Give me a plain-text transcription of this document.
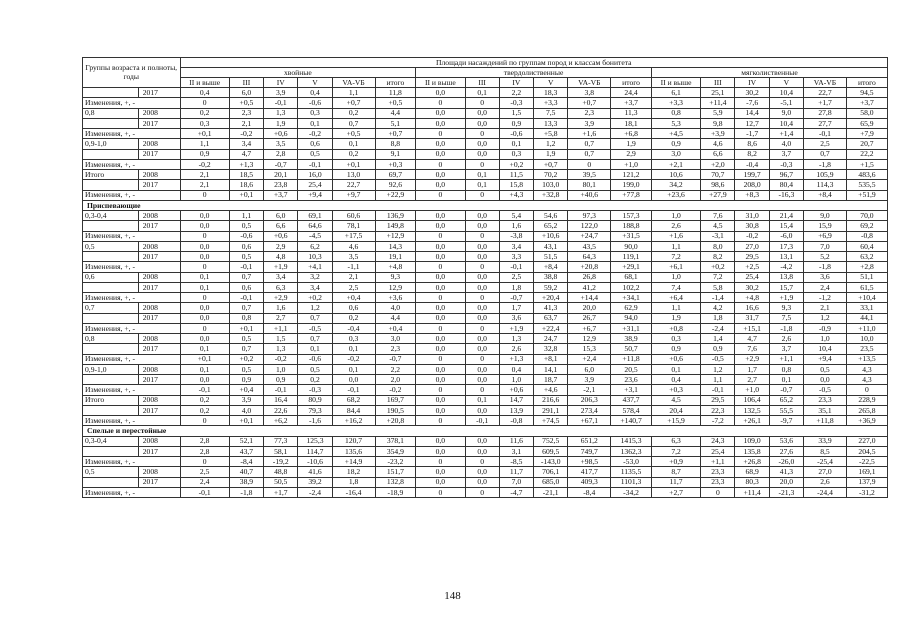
Группы возраста и полноты, годы		Площади насаждений по группам пород и классам бонитета																	
		хвойные						твердолиственные						мягколиственные					
		II и выше	III	IV	V	VA-VБ	итого	II и выше	III	IV	V	VA-VБ	итого	II и выше	III	IV	V	VA-VБ	итого
	2017	0,4	6,0	3,9	0,4	1,1	11,8	0,0	0,1	2,2	18,3	3,8	24,4	6,1	25,1	30,2	10,4	22,7	94,5
Изменения, +, -		0	+0,5	-0,1	-0,6	+0,7	+0,5	0	0	-0,3	+3,3	+0,7	+3,7	+3,3	+11,4	-7,6	-5,1	+1,7	+3,7
0,8	2008	0,2	2,3	1,3	0,3	0,2	4,4	0,0	0,0	1,5	7,5	2,3	11,3	0,8	5,9	14,4	9,0	27,8	58,0
	2017	0,3	2,1	1,9	0,1	0,7	5,1	0,0	0,0	0,9	13,3	3,9	18,1	5,3	9,8	12,7	10,4	27,7	65,9
Изменения, +, -		+0,1	-0,2	+0,6	-0,2	+0,5	+0,7	0	0	-0,6	+5,8	+1,6	+6,8	+4,5	+3,9	-1,7	+1,4	-0,1	+7,9
0,9-1,0	2008	1,1	3,4	3,5	0,6	0,1	8,8	0,0	0,0	0,1	1,2	0,7	1,9	0,9	4,6	8,6	4,0	2,5	20,7
	2017	0,9	4,7	2,8	0,5	0,2	9,1	0,0	0,0	0,3	1,9	0,7	2,9	3,0	6,6	8,2	3,7	0,7	22,2
Изменения, +, -		-0,2	+1,3	-0,7	-0,1	+0,1	+0,3	0	0	+0,2	+0,7	0	+1,0	+2,1	+2,0	-0,4	-0,3	-1,8	+1,5
Итого	2008	2,1	18,5	20,1	16,0	13,0	69,7	0,0	0,1	11,5	70,2	39,5	121,2	10,6	70,7	199,7	96,7	105,9	483,6
	2017	2,1	18,6	23,8	25,4	22,7	92,6	0,0	0,1	15,8	103,0	80,1	199,0	34,2	98,6	208,0	80,4	114,3	535,5
Изменения, +, -		0	+0,1	+3,7	+9,4	+9,7	+22,9	0	0	+4,3	+32,8	+40,6	+77,8	+23,6	+27,9	+8,3	-16,3	+8,4	+51,9
Приспевающие																			
0,3-0,4	2008	0,0	1,1	6,0	69,1	60,6	136,9	0,0	0,0	5,4	54,6	97,3	157,3	1,0	7,6	31,0	21,4	9,0	70,0
	2017	0,0	0,5	6,6	64,6	78,1	149,8	0,0	0,0	1,6	65,2	122,0	188,8	2,6	4,5	30,8	15,4	15,9	69,2
Изменения, +, -		0	-0,6	+0,6	-4,5	+17,5	+12,9	0	0	-3,8	+10,6	+24,7	+31,5	+1,6	-3,1	-0,2	-6,0	+6,9	-0,8
0,5	2008	0,0	0,6	2,9	6,2	4,6	14,3	0,0	0,0	3,4	43,1	43,5	90,0	1,1	8,0	27,0	17,3	7,0	60,4
	2017	0,0	0,5	4,8	10,3	3,5	19,1	0,0	0,0	3,3	51,5	64,3	119,1	7,2	8,2	29,5	13,1	5,2	63,2
Изменения, +, -		0	-0,1	+1,9	+4,1	-1,1	+4,8	0	0	-0,1	+8,4	+20,8	+29,1	+6,1	+0,2	+2,5	-4,2	-1,8	+2,8
0,6	2008	0,1	0,7	3,4	3,2	2,1	9,3	0,0	0,0	2,5	38,8	26,8	68,1	1,0	7,2	25,4	13,8	3,6	51,1
	2017	0,1	0,6	6,3	3,4	2,5	12,9	0,0	0,0	1,8	59,2	41,2	102,2	7,4	5,8	30,2	15,7	2,4	61,5
Изменения, +, -		0	-0,1	+2,9	+0,2	+0,4	+3,6	0	0	-0,7	+20,4	+14,4	+34,1	+6,4	-1,4	+4,8	+1,9	-1,2	+10,4
0,7	2008	0,0	0,7	1,6	1,2	0,6	4,0	0,0	0,0	1,7	41,3	20,0	62,9	1,1	4,2	16,6	9,3	2,1	33,1
	2017	0,0	0,8	2,7	0,7	0,2	4,4	0,0	0,0	3,6	63,7	26,7	94,0	1,9	1,8	31,7	7,5	1,2	44,1
Изменения, +, -		0	+0,1	+1,1	-0,5	-0,4	+0,4	0	0	+1,9	+22,4	+6,7	+31,1	+0,8	-2,4	+15,1	-1,8	-0,9	+11,0
0,8	2008	0,0	0,5	1,5	0,7	0,3	3,0	0,0	0,0	1,3	24,7	12,9	38,9	0,3	1,4	4,7	2,6	1,0	10,0
	2017	0,1	0,7	1,3	0,1	0,1	2,3	0,0	0,0	2,6	32,8	15,3	50,7	0,9	0,9	7,6	3,7	10,4	23,5
Изменения, +, -		+0,1	+0,2	-0,2	-0,6	-0,2	-0,7	0	0	+1,3	+8,1	+2,4	+11,8	+0,6	-0,5	+2,9	+1,1	+9,4	+13,5
0,9-1,0	2008	0,1	0,5	1,0	0,5	0,1	2,2	0,0	0,0	0,4	14,1	6,0	20,5	0,1	1,2	1,7	0,8	0,5	4,3
	2017	0,0	0,9	0,9	0,2	0,0	2,0	0,0	0,0	1,0	18,7	3,9	23,6	0,4	1,1	2,7	0,1	0,0	4,3
Изменения, +, -		-0,1	+0,4	-0,1	-0,3	-0,1	-0,2	0	0	+0,6	+4,6	-2,1	+3,1	+0,3	-0,1	+1,0	-0,7	-0,5	0
Итого	2008	0,2	3,9	16,4	80,9	68,2	169,7	0,0	0,1	14,7	216,6	206,3	437,7	4,5	29,5	106,4	65,2	23,3	228,9
	2017	0,2	4,0	22,6	79,3	84,4	190,5	0,0	0,0	13,9	291,1	273,4	578,4	20,4	22,3	132,5	55,5	35,1	265,8
Изменения, +, -		0	+0,1	+6,2	-1,6	+16,2	+20,8	0	-0,1	-0,8	+74,5	+67,1	+140,7	+15,9	-7,2	+26,1	-9,7	+11,8	+36,9
Спелые и перестойные																			
0,3-0,4	2008	2,8	52,1	77,3	125,3	120,7	378,1	0,0	0,0	11,6	752,5	651,2	1415,3	6,3	24,3	109,0	53,6	33,9	227,0
	2017	2,8	43,7	58,1	114,7	135,6	354,9	0,0	0,0	3,1	609,5	749,7	1362,3	7,2	25,4	135,8	27,6	8,5	204,5
Изменения, +, -		0	-8,4	-19,2	-10,6	+14,9	-23,2	0	0	-8,5	-143,0	+98,5	-53,0	+0,9	+1,1	+26,8	-26,0	-25,4	-22,5
0,5	2008	2,5	40,7	48,8	41,6	18,2	151,7	0,0	0,0	11,7	706,1	417,7	1135,5	8,7	23,3	68,9	41,3	27,0	169,1
	2017	2,4	38,9	50,5	39,2	1,8	132,8	0,0	0,0	7,0	685,0	409,3	1101,3	11,7	23,3	80,3	20,0	2,6	137,9
Изменения, +, -		-0,1	-1,8	+1,7	-2,4	-16,4	-18,9	0	0	-4,7	-21,1	-8,4	-34,2	+2,7	0	+11,4	-21,3	-24,4	-31,2
148
